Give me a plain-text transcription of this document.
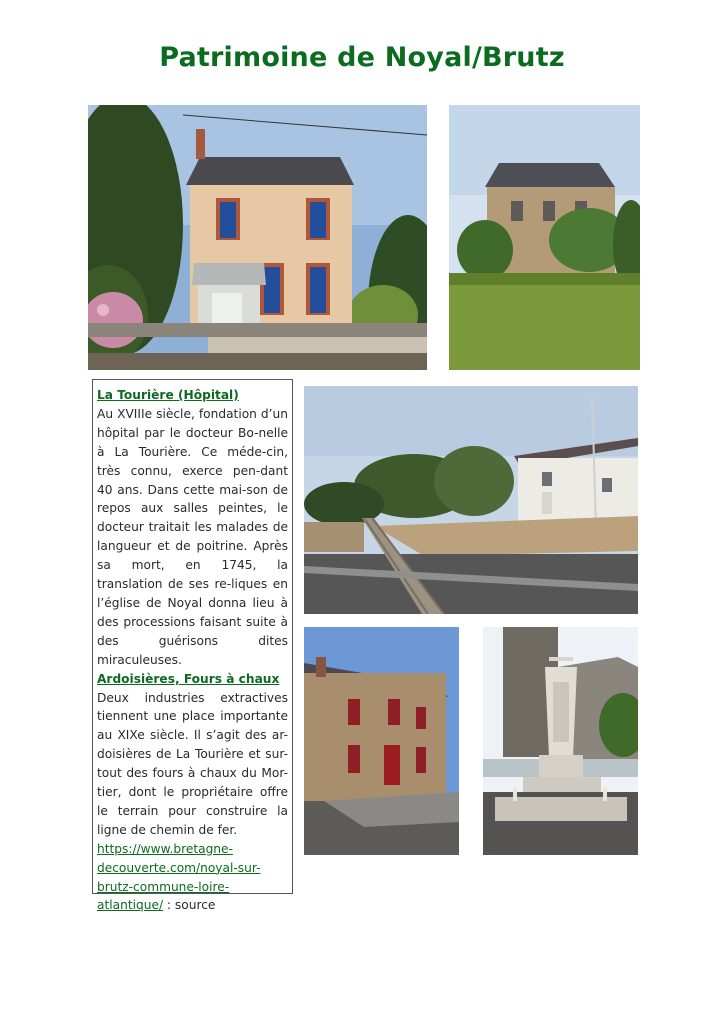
Patrimoine de Noyal/Brutz
La Tourière (Hôpital)
Au XVIIIe siècle, fondation d’un hôpital par le docteur Bo-nelle à La Tourière. Ce méde-cin, très connu, exerce pen-dant 40 ans. Dans cette mai-son de repos aux salles peintes, le docteur traitait les malades de langueur et de poitrine. Après sa mort, en 1745, la translation de ses re-liques en l’église de Noyal donna lieu à des processions faisant suite à des guérisons dites miraculeuses.
Ardoisières, Fours à chaux
Deux industries extractives tiennent une place importante au XIXe siècle. Il s’agit des ar-doisières de La Tourière et sur-tout des fours à chaux du Mor-tier, dont le propriétaire offre le terrain pour construire la ligne de chemin de fer.
https://www.bretagne-decouverte.com/noyal-sur-brutz-commune-loire-atlantique/ : source
